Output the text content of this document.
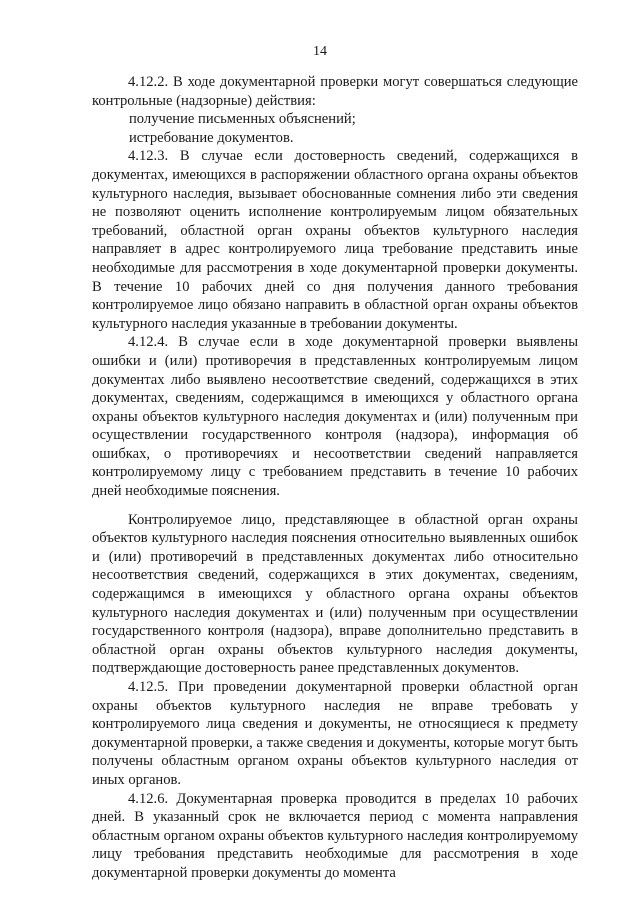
14

4.12.2. В ходе документарной проверки могут совершаться следующие контрольные (надзорные) действия:

получение письменных объяснений;

истребование документов.

4.12.3. В случае если достоверность сведений, содержащихся в документах, имеющихся в распоряжении областного органа охраны объектов культурного наследия, вызывает обоснованные сомнения либо эти сведения не позволяют оценить исполнение контролируемым лицом обязательных требований, областной орган охраны объектов культурного наследия направляет в адрес контролируемого лица требование представить иные необходимые для рассмотрения в ходе документарной проверки документы. В течение 10 рабочих дней со дня получения данного требования контролируемое лицо обязано направить в областной орган охраны объектов культурного наследия указанные в требовании документы.

4.12.4. В случае если в ходе документарной проверки выявлены ошибки и (или) противоречия в представленных контролируемым лицом документах либо выявлено несоответствие сведений, содержащихся в этих документах, сведениям, содержащимся в имеющихся у областного органа охраны объектов культурного наследия документах и (или) полученным при осуществлении государственного контроля (надзора), информация об ошибках, о противоречиях и несоответствии сведений направляется контролируемому лицу с требованием представить в течение 10 рабочих дней необходимые пояснения.

Контролируемое лицо, представляющее в областной орган охраны объектов культурного наследия пояснения относительно выявленных ошибок и (или) противоречий в представленных документах либо относительно несоответствия сведений, содержащихся в этих документах, сведениям, содержащимся в имеющихся у областного органа охраны объектов культурного наследия документах и (или) полученным при осуществлении государственного контроля (надзора), вправе дополнительно представить в областной орган охраны объектов культурного наследия документы, подтверждающие достоверность ранее представленных документов.

4.12.5. При проведении документарной проверки областной орган охраны объектов культурного наследия не вправе требовать у контролируемого лица сведения и документы, не относящиеся к предмету документарной проверки, а также сведения и документы, которые могут быть получены областным органом охраны объектов культурного наследия от иных органов.

4.12.6. Документарная проверка проводится в пределах 10 рабочих дней. В указанный срок не включается период с момента направления областным органом охраны объектов культурного наследия контролируемому лицу требования представить необходимые для рассмотрения в ходе документарной проверки документы до момента
